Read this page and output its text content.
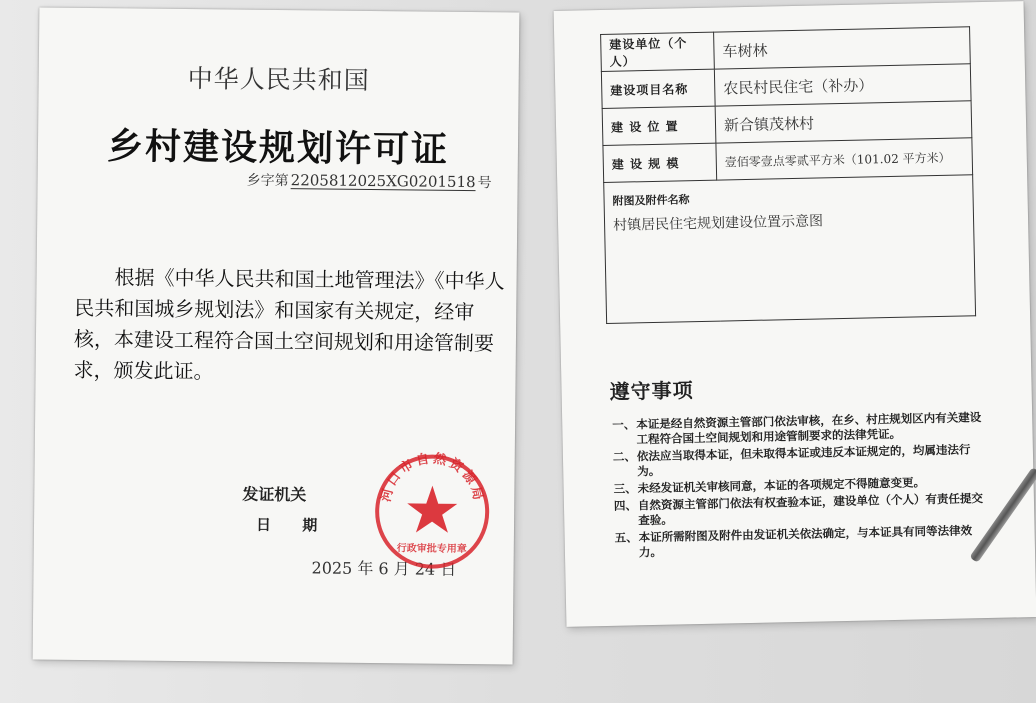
中华人民共和国
乡村建设规划许可证
乡字第 2205812025XG0201518 号
根据《中华人民共和国土地管理法》《中华人民共和国城乡规划法》和国家有关规定，经审核，本建设工程符合国土空间规划和用途管制要求，颁发此证。
发证机关
日 期
2025 年 6 月 24 日
河口市自然资源局
行政审批专用章
建设单位（个人）	车树林
建设项目名称	农民村民住宅（补办）
建 设 位 置	新合镇茂林村
建 设 规 模	壹佰零壹点零贰平方米（101.02 平方米）

附图及附件名称
村镇居民住宅规划建设位置示意图	
遵守事项
一、 本证是经自然资源主管部门依法审核，在乡、村庄规划区内有关建设工程符合国土空间规划和用途管制要求的法律凭证。
二、 依法应当取得本证，但未取得本证或违反本证规定的，均属违法行为。
三、 未经发证机关审核同意，本证的各项规定不得随意变更。
四、 自然资源主管部门依法有权查验本证，建设单位（个人）有责任提交查验。
五、 本证所需附图及附件由发证机关依法确定，与本证具有同等法律效力。
